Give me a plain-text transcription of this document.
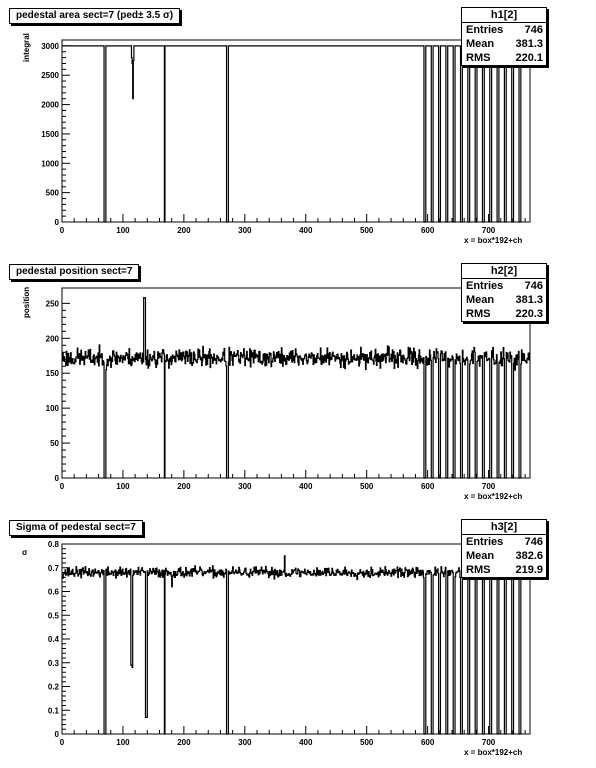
0
500
1000
1500
2000
2500
3000
0	100	200	300	400	500	600	700
pedestal area sect=7 (ped± 3.5 σ)	h1[2]
Entries 746
Mean 381.3
RMS 220.1
integral
x = box*192+ch
0
50
100
150
200
250
0	100	200	300	400	500	600	700
pedestal position sect=7	h2[2]
Entries 746
Mean 381.3
RMS 220.3
position
x = box*192+ch
0
0.1
0.2
0.3
0.4
0.5
0.6
0.7
0.8
0	100	200	300	400	500	600	700
Sigma of pedestal sect=7	h3[2]
Entries 746
Mean 382.6
RMS 219.9
σ
x = box*192+ch
